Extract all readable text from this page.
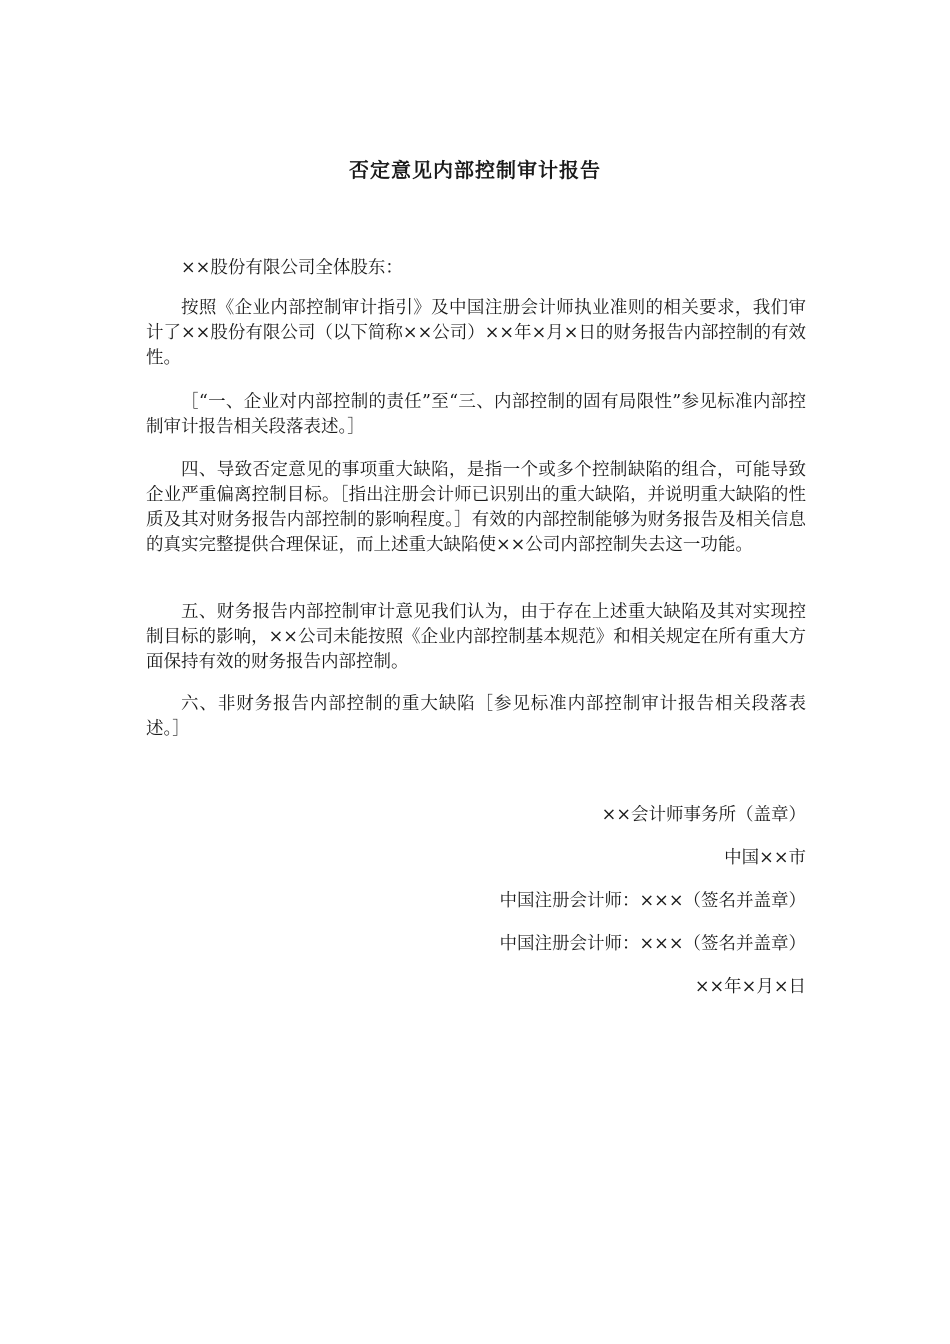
否定意见内部控制审计报告
××股份有限公司全体股东：
按照《企业内部控制审计指引》及中国注册会计师执业准则的相关要求，我们审计了××股份有限公司（以下简称××公司）××年×月×日的财务报告内部控制的有效性。
［“一、企业对内部控制的责任”至“三、内部控制的固有局限性”参见标准内部控制审计报告相关段落表述。］
四、导致否定意见的事项重大缺陷，是指一个或多个控制缺陷的组合，可能导致企业严重偏离控制目标。［指出注册会计师已识别出的重大缺陷，并说明重大缺陷的性质及其对财务报告内部控制的影响程度。］有效的内部控制能够为财务报告及相关信息的真实完整提供合理保证，而上述重大缺陷使××公司内部控制失去这一功能。
五、财务报告内部控制审计意见我们认为，由于存在上述重大缺陷及其对实现控制目标的影响，××公司未能按照《企业内部控制基本规范》和相关规定在所有重大方面保持有效的财务报告内部控制。
六、非财务报告内部控制的重大缺陷［参见标准内部控制审计报告相关段落表述。］
××会计师事务所（盖章）
中国××市
中国注册会计师：×××（签名并盖章）
中国注册会计师：×××（签名并盖章）
××年×月×日
